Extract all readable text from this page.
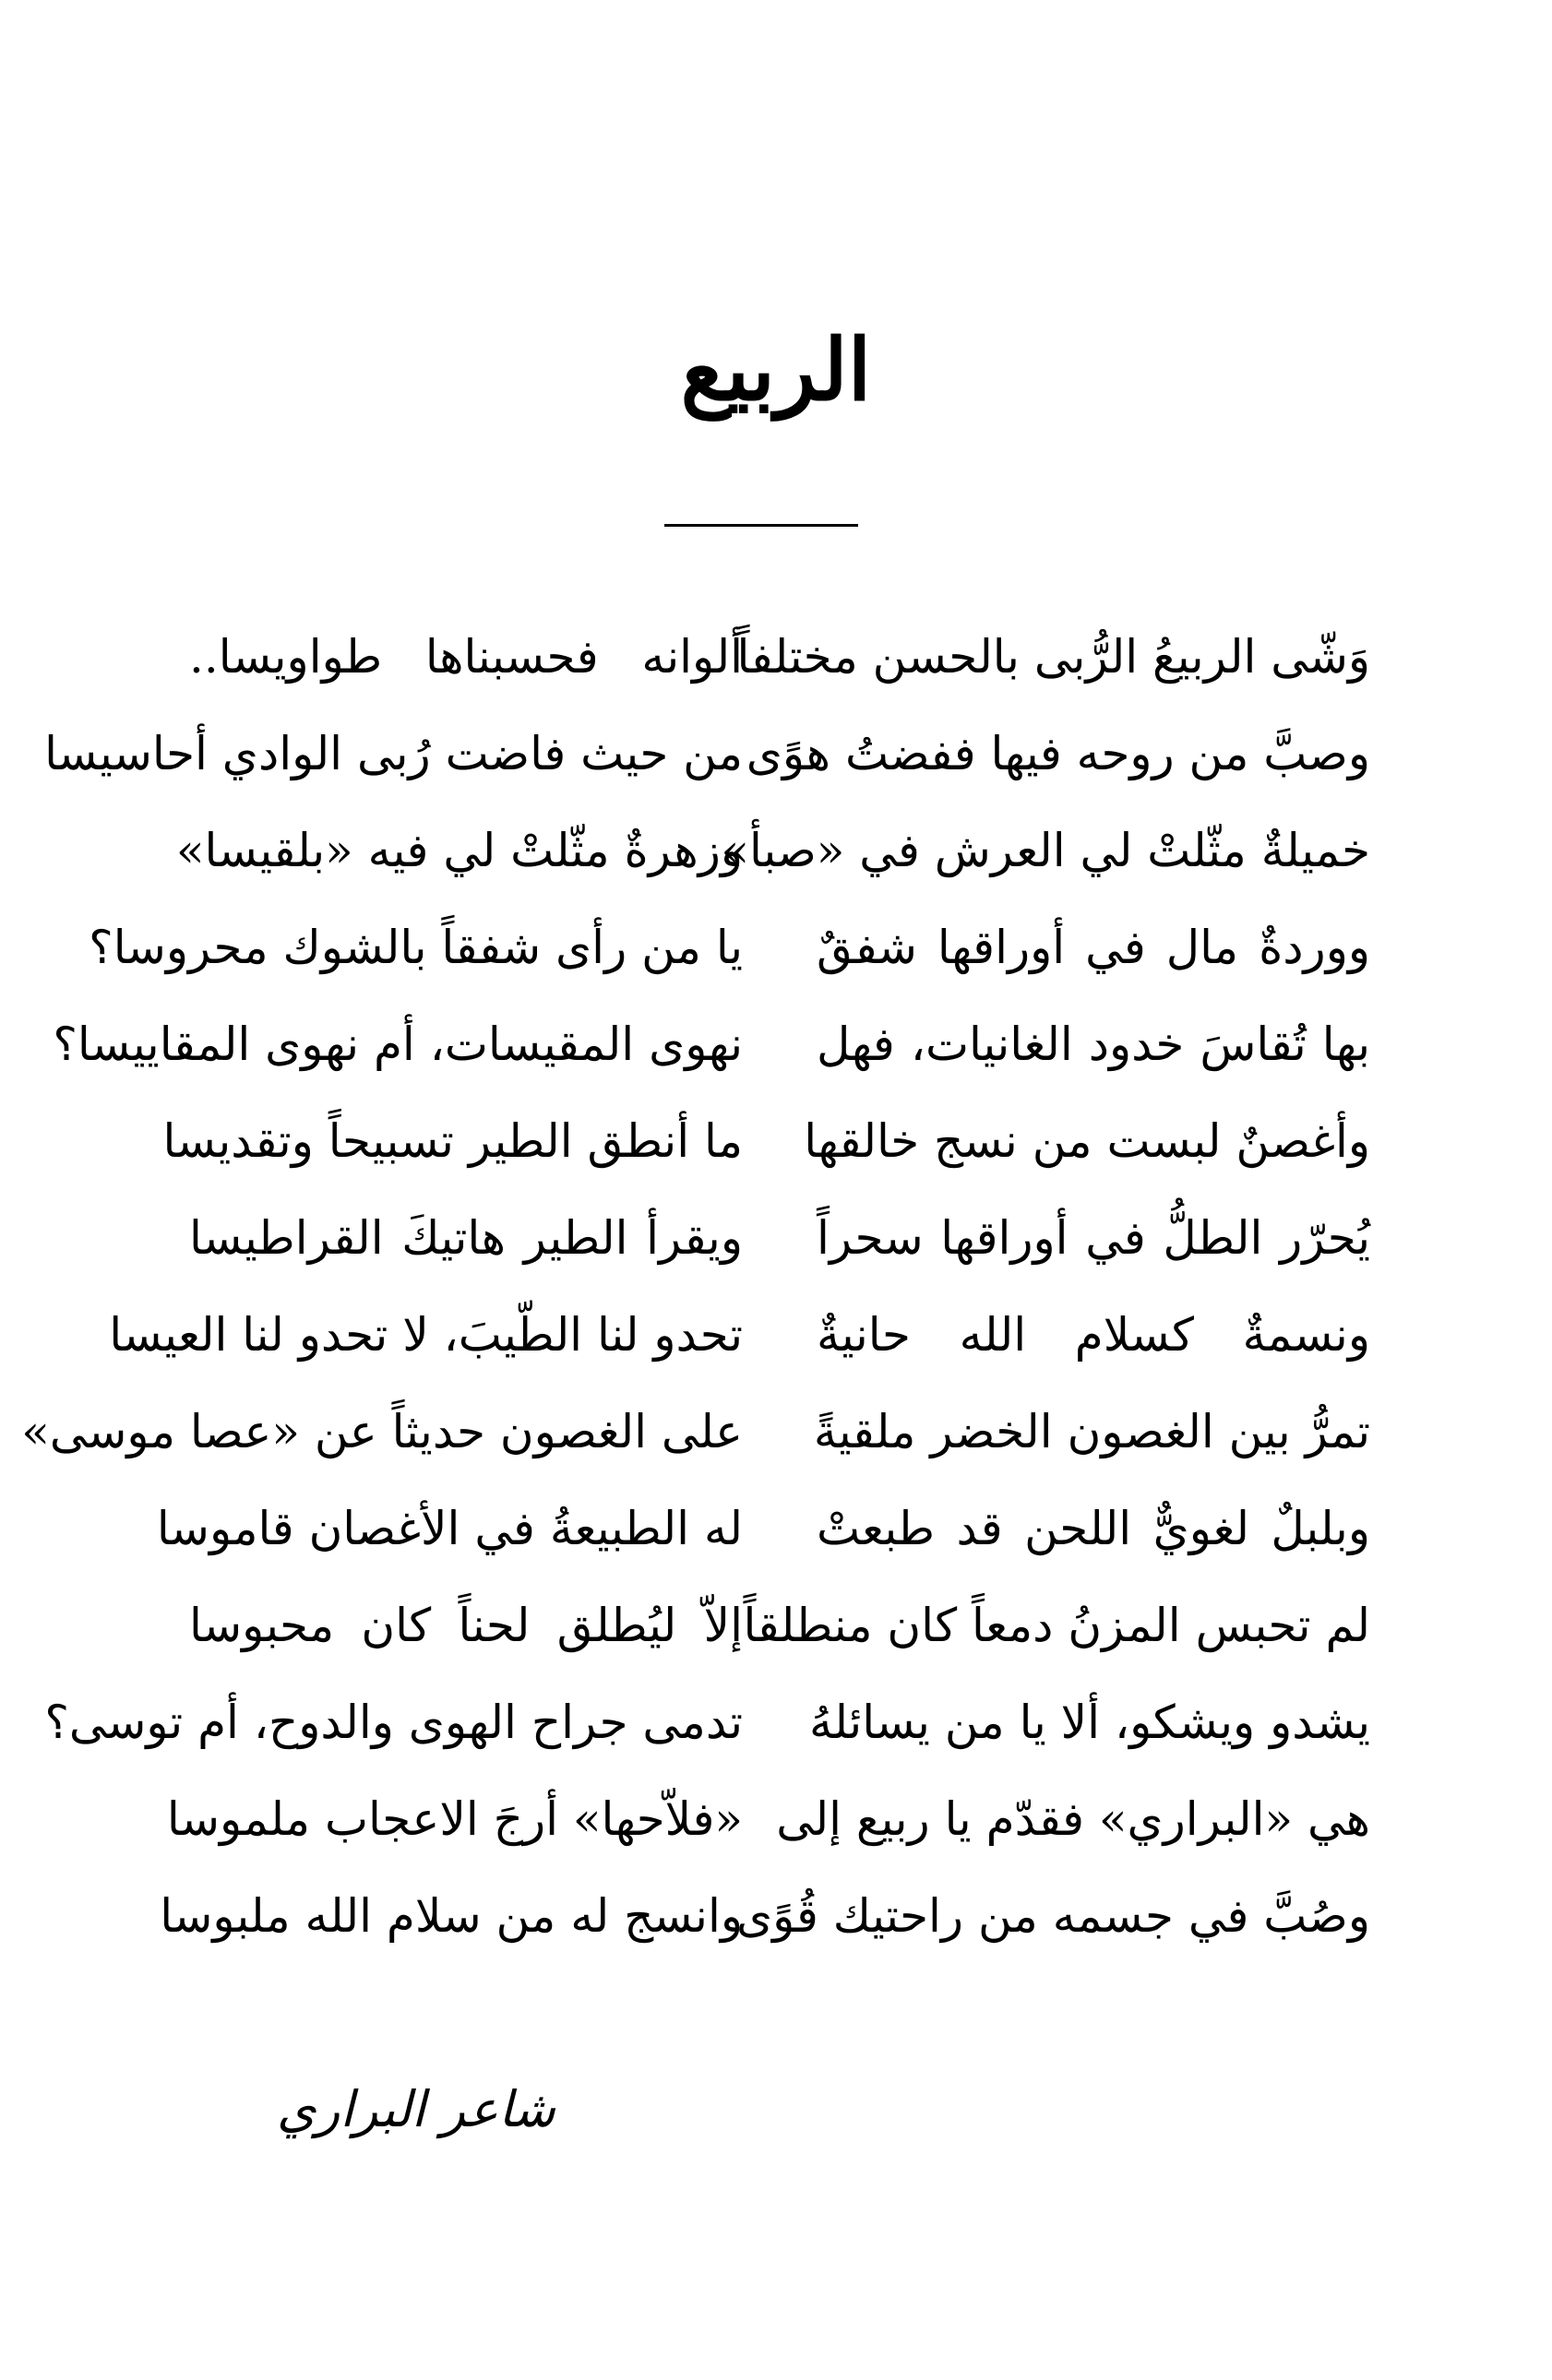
الربيع
وَشّى الربيعُ الرُّبى بالحسن مختلفاً
ألوانه فحسبناها طواويسا..
وصبَّ من روحه فيها ففضتُ هوًى
من حيث فاضت رُبى الوادي أحاسيسا
خميلةٌ مثّلتْ لي العرش في «صبأ»
وزهرةٌ مثّلتْ لي فيه «بلقيسا»
ووردةٌ مال في أوراقها شفقٌ
يا من رأى شفقاً بالشوك محروسا؟
بها تُقاسَ خدود الغانيات، فهل
نهوى المقيسات، أم نهوى المقاييسا؟
وأغصنٌ لبست من نسج خالقها
ما أنطق الطير تسبيحاً وتقديسا
يُحرّر الطلُّ في أوراقها سحراً
ويقرأ الطير هاتيكَ القراطيسا
ونسمةٌ كسلام الله حانيةٌ
تحدو لنا الطّيبَ، لا تحدو لنا العيسا
تمرُّ بين الغصون الخضر ملقيةً
على الغصون حديثاً عن «عصا موسى»
وبلبلٌ لغويٌّ اللحن قد طبعتْ
له الطبيعةُ في الأغصان قاموسا
لم تحبس المزنُ دمعاً كان منطلقاً
إلاّ ليُطلق لحناً كان محبوسا
يشدو ويشكو، ألا يا من يسائلهُ
تدمى جراح الهوى والدوح، أم توسى؟
هي «البراري» فقدّم يا ربيع إلى
«فلاّحها» أرجَ الاعجاب ملموسا
وصُبَّ في جسمه من راحتيك قُوًى
وانسج له من سلام الله ملبوسا
شاعر البراري
